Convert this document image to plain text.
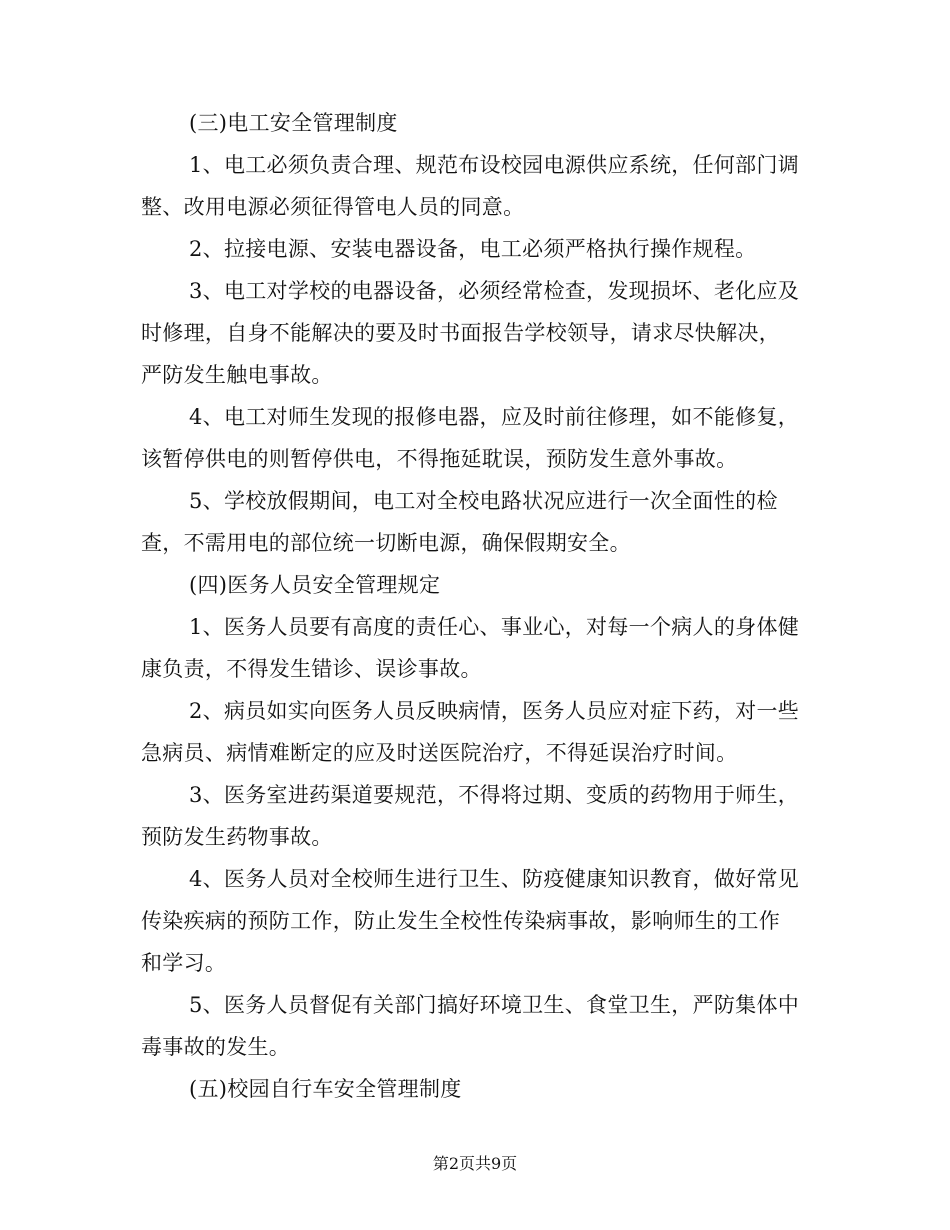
(三)电工安全管理制度

1、电工必须负责合理、规范布设校园电源供应系统，任何部门调

整、改用电源必须征得管电人员的同意。

2、拉接电源、安装电器设备，电工必须严格执行操作规程。

3、电工对学校的电器设备，必须经常检查，发现损坏、老化应及

时修理，自身不能解决的要及时书面报告学校领导，请求尽快解决，

严防发生触电事故。

4、电工对师生发现的报修电器，应及时前往修理，如不能修复，

该暂停供电的则暂停供电，不得拖延耽误，预防发生意外事故。

5、学校放假期间，电工对全校电路状况应进行一次全面性的检

查，不需用电的部位统一切断电源，确保假期安全。

(四)医务人员安全管理规定

1、医务人员要有高度的责任心、事业心，对每一个病人的身体健

康负责，不得发生错诊、误诊事故。

2、病员如实向医务人员反映病情，医务人员应对症下药，对一些

急病员、病情难断定的应及时送医院治疗，不得延误治疗时间。

3、医务室进药渠道要规范，不得将过期、变质的药物用于师生，

预防发生药物事故。

4、医务人员对全校师生进行卫生、防疫健康知识教育，做好常见

传染疾病的预防工作，防止发生全校性传染病事故，影响师生的工作

和学习。

5、医务人员督促有关部门搞好环境卫生、食堂卫生，严防集体中

毒事故的发生。

(五)校园自行车安全管理制度

第2页共9页
